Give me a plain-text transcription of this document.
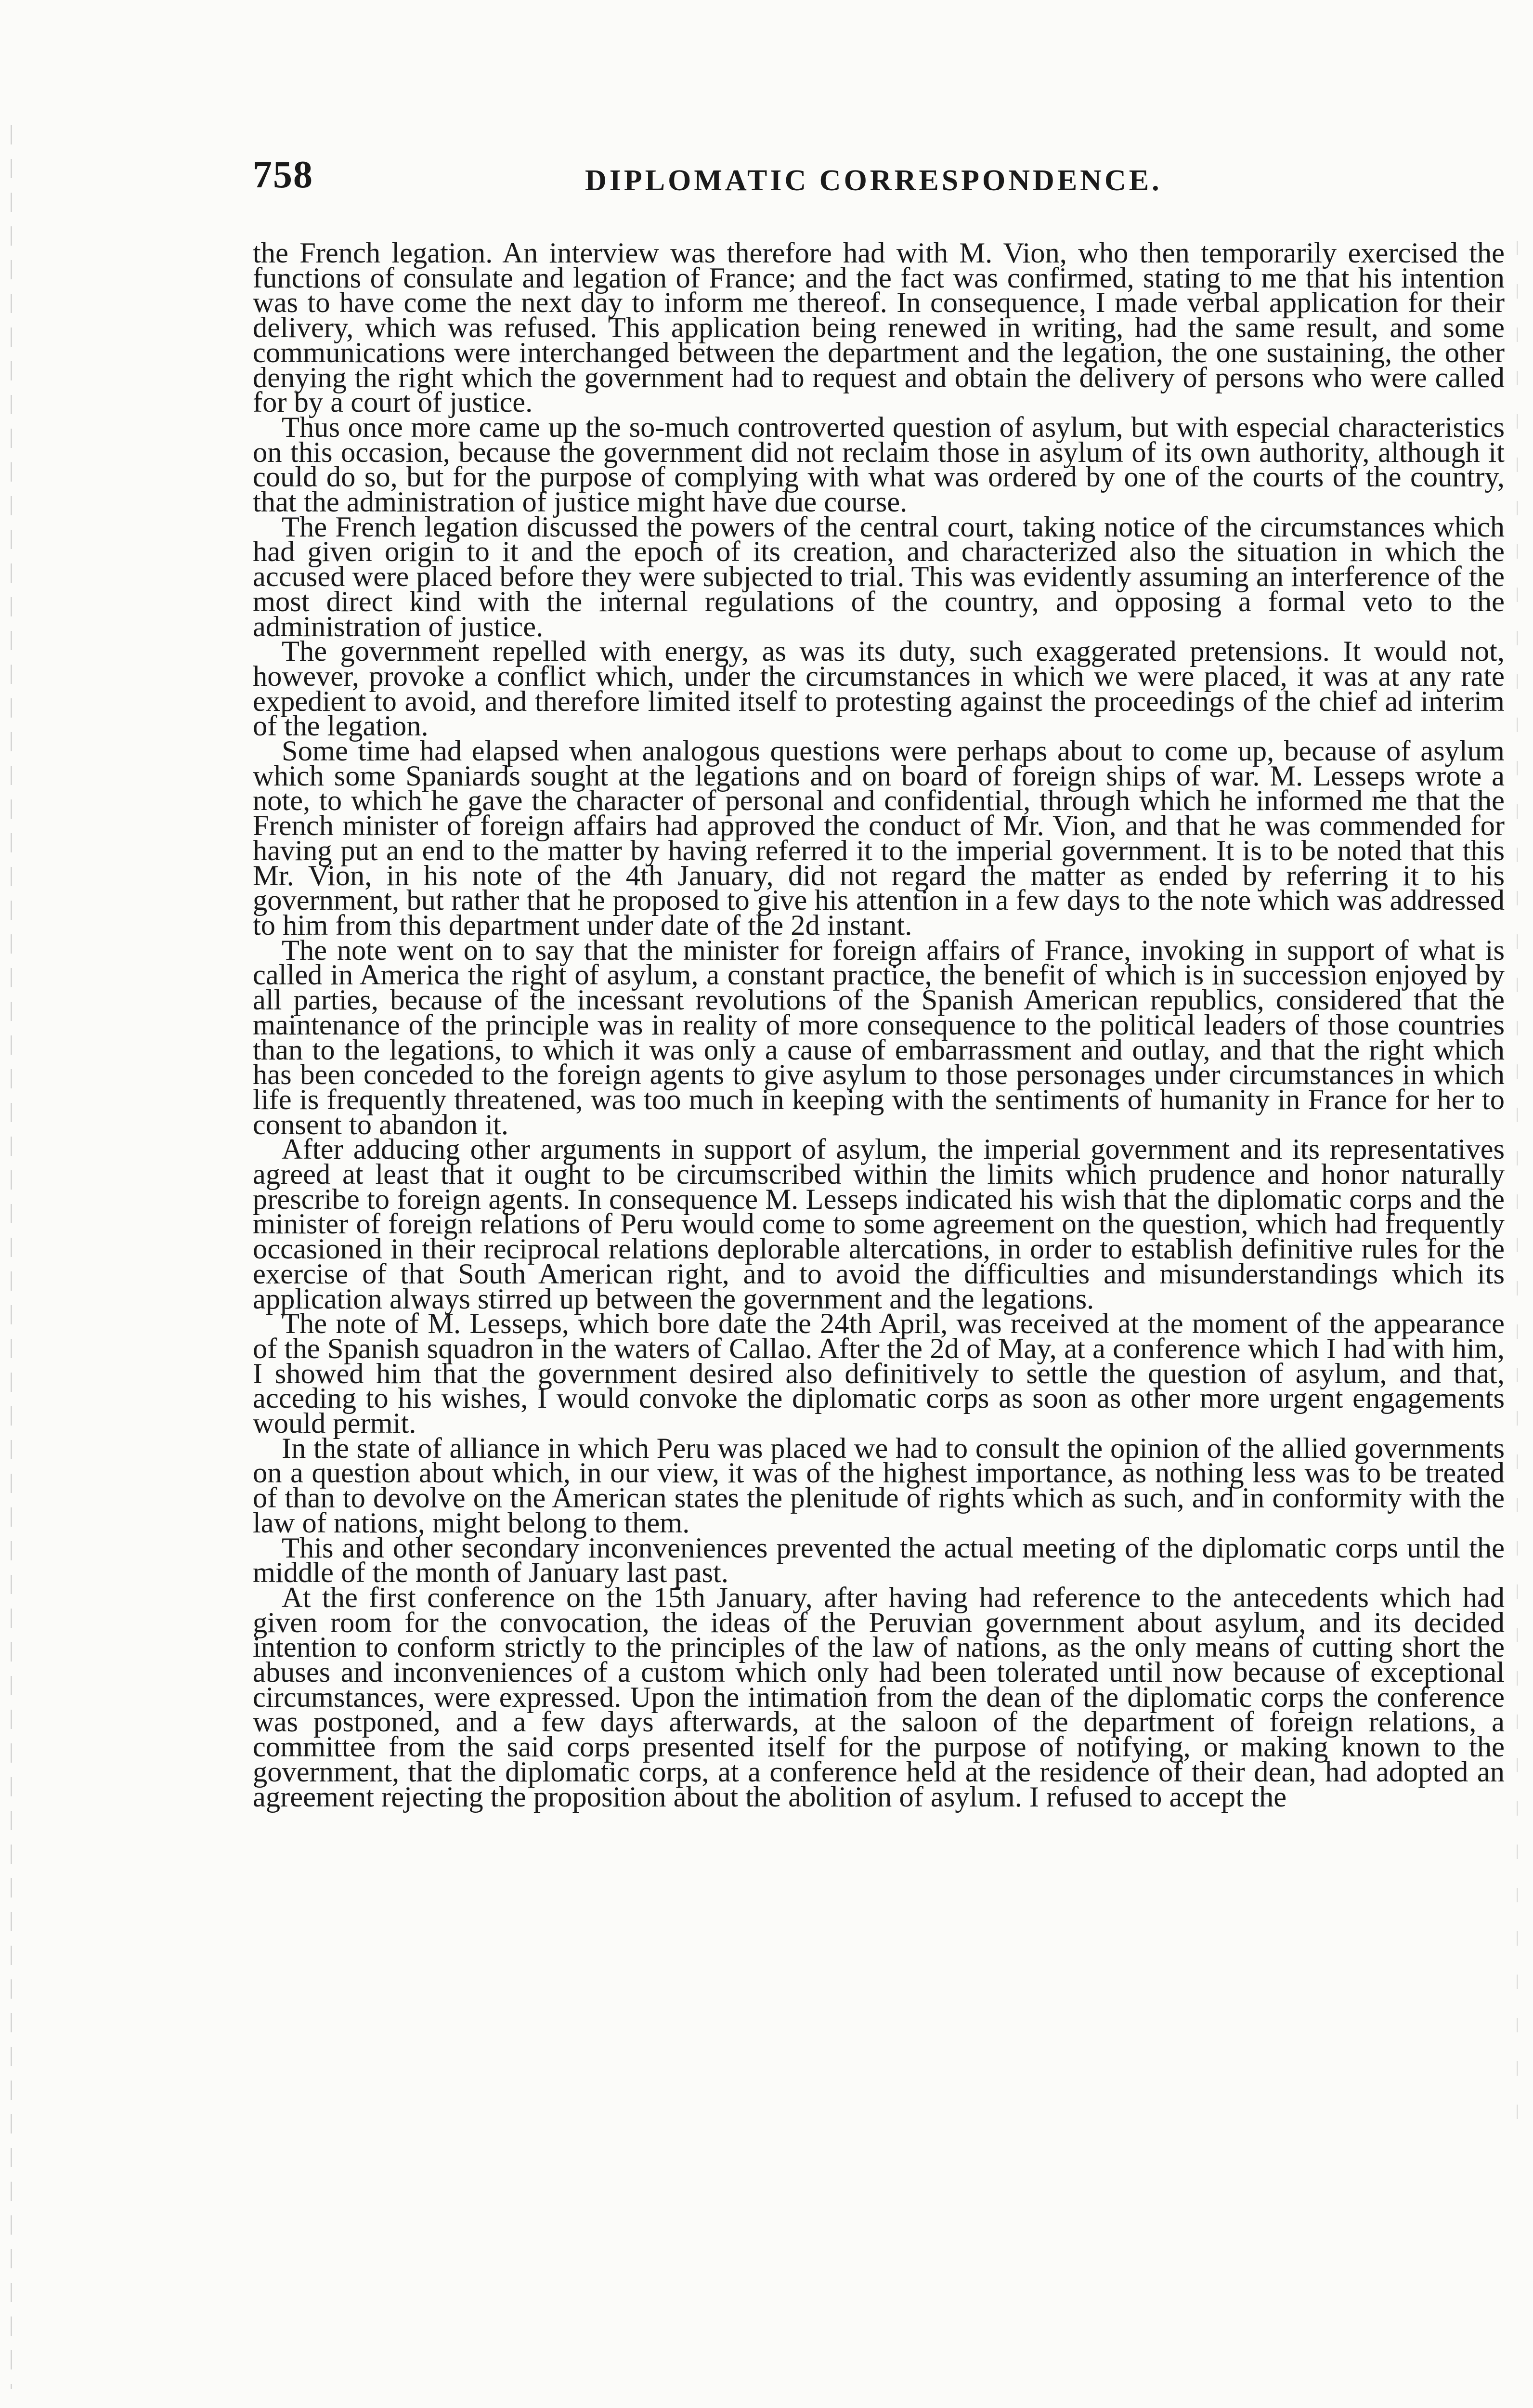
758	DIPLOMATIC CORRESPONDENCE.

the French legation. An interview was therefore had with M. Vion, who then temporarily exercised the functions of consulate and legation of France; and the fact was confirmed, stating to me that his intention was to have come the next day to inform me thereof. In consequence, I made verbal application for their delivery, which was refused. This application being renewed in writing, had the same result, and some communications were interchanged between the department and the legation, the one sustaining, the other denying the right which the government had to request and obtain the delivery of persons who were called for by a court of justice.

Thus once more came up the so-much controverted question of asylum, but with especial characteristics on this occasion, because the government did not reclaim those in asylum of its own authority, although it could do so, but for the purpose of complying with what was ordered by one of the courts of the country, that the administration of justice might have due course.

The French legation discussed the powers of the central court, taking notice of the circumstances which had given origin to it and the epoch of its creation, and characterized also the situation in which the accused were placed before they were subjected to trial. This was evidently assuming an interference of the most direct kind with the internal regulations of the country, and opposing a formal veto to the administration of justice.

The government repelled with energy, as was its duty, such exaggerated pretensions. It would not, however, provoke a conflict which, under the circumstances in which we were placed, it was at any rate expedient to avoid, and therefore limited itself to protesting against the proceedings of the chief ad interim of the legation.

Some time had elapsed when analogous questions were perhaps about to come up, because of asylum which some Spaniards sought at the legations and on board of foreign ships of war. M. Lesseps wrote a note, to which he gave the character of personal and confidential, through which he informed me that the French minister of foreign affairs had approved the conduct of Mr. Vion, and that he was commended for having put an end to the matter by having referred it to the imperial government. It is to be noted that this Mr. Vion, in his note of the 4th January, did not regard the matter as ended by referring it to his government, but rather that he proposed to give his attention in a few days to the note which was addressed to him from this department under date of the 2d instant.

The note went on to say that the minister for foreign affairs of France, invoking in support of what is called in America the right of asylum, a constant practice, the benefit of which is in succession enjoyed by all parties, because of the incessant revolutions of the Spanish American republics, considered that the maintenance of the principle was in reality of more consequence to the political leaders of those countries than to the legations, to which it was only a cause of embarrassment and outlay, and that the right which has been conceded to the foreign agents to give asylum to those personages under circumstances in which life is frequently threatened, was too much in keeping with the sentiments of humanity in France for her to consent to abandon it.

After adducing other arguments in support of asylum, the imperial government and its representatives agreed at least that it ought to be circumscribed within the limits which prudence and honor naturally prescribe to foreign agents. In consequence M. Lesseps indicated his wish that the diplomatic corps and the minister of foreign relations of Peru would come to some agreement on the question, which had frequently occasioned in their reciprocal relations deplorable altercations, in order to establish definitive rules for the exercise of that South American right, and to avoid the difficulties and misunderstandings which its application always stirred up between the government and the legations.

The note of M. Lesseps, which bore date the 24th April, was received at the moment of the appearance of the Spanish squadron in the waters of Callao. After the 2d of May, at a conference which I had with him, I showed him that the government desired also definitively to settle the question of asylum, and that, acceding to his wishes, I would convoke the diplomatic corps as soon as other more urgent engagements would permit.

In the state of alliance in which Peru was placed we had to consult the opinion of the allied governments on a question about which, in our view, it was of the highest importance, as nothing less was to be treated of than to devolve on the American states the plenitude of rights which as such, and in conformity with the law of nations, might belong to them.

This and other secondary inconveniences prevented the actual meeting of the diplomatic corps until the middle of the month of January last past.

At the first conference on the 15th January, after having had reference to the antecedents which had given room for the convocation, the ideas of the Peruvian government about asylum, and its decided intention to conform strictly to the principles of the law of nations, as the only means of cutting short the abuses and inconveniences of a custom which only had been tolerated until now because of exceptional circumstances, were expressed. Upon the intimation from the dean of the diplomatic corps the conference was postponed, and a few days afterwards, at the saloon of the department of foreign relations, a committee from the said corps presented itself for the purpose of notifying, or making known to the government, that the diplomatic corps, at a conference held at the residence of their dean, had adopted an agreement rejecting the proposition about the abolition of asylum. I refused to accept the
